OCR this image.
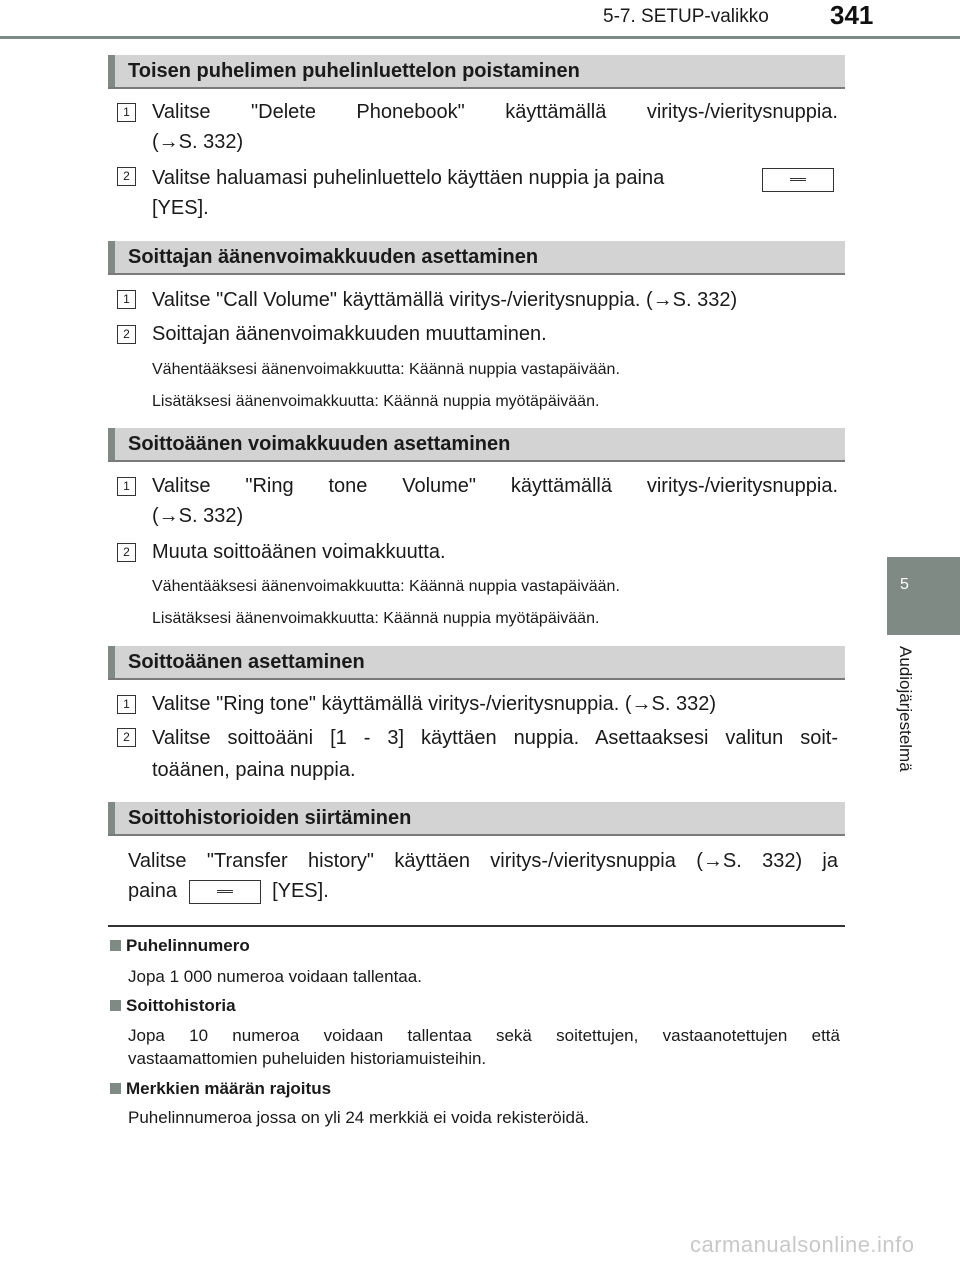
5-7. SETUP-valikko 341
5
Audiojärjestelmä
Toisen puhelimen puhelinluettelon poistaminen
1	Valitse "Delete Phonebook" käyttämällä viritys-/vieritysnuppia.
(→S. 332)
2	Valitse haluamasi puhelinluettelo käyttäen nuppia ja paina
[YES].
Soittajan äänenvoimakkuuden asettaminen
1	Valitse "Call Volume" käyttämällä viritys-/vieritysnuppia. (→S. 332)
2	Soittajan äänenvoimakkuuden muuttaminen.
Vähentääksesi äänenvoimakkuutta: Käännä nuppia vastapäivään.
Lisätäksesi äänenvoimakkuutta: Käännä nuppia myötäpäivään.
Soittoäänen voimakkuuden asettaminen
1	Valitse "Ring tone Volume" käyttämällä viritys-/vieritysnuppia.
(→S. 332)
2	Muuta soittoäänen voimakkuutta.
Vähentääksesi äänenvoimakkuutta: Käännä nuppia vastapäivään.
Lisätäksesi äänenvoimakkuutta: Käännä nuppia myötäpäivään.
Soittoäänen asettaminen
1	Valitse "Ring tone" käyttämällä viritys-/vieritysnuppia. (→S. 332)
2	Valitse soittoääni [1 - 3] käyttäen nuppia. Asettaaksesi valitun soit-
toäänen, paina nuppia.
Soittohistorioiden siirtäminen
Valitse "Transfer history" käyttäen viritys-/vieritysnuppia (→S. 332) ja
paina	[YES].
Puhelinnumero
Jopa 1 000 numeroa voidaan tallentaa.
Soittohistoria
Jopa 10 numeroa voidaan tallentaa sekä soitettujen, vastaanotettujen että
vastaamattomien puheluiden historiamuisteihin.
Merkkien määrän rajoitus
Puhelinnumeroa jossa on yli 24 merkkiä ei voida rekisteröidä.
carmanualsonline.info
